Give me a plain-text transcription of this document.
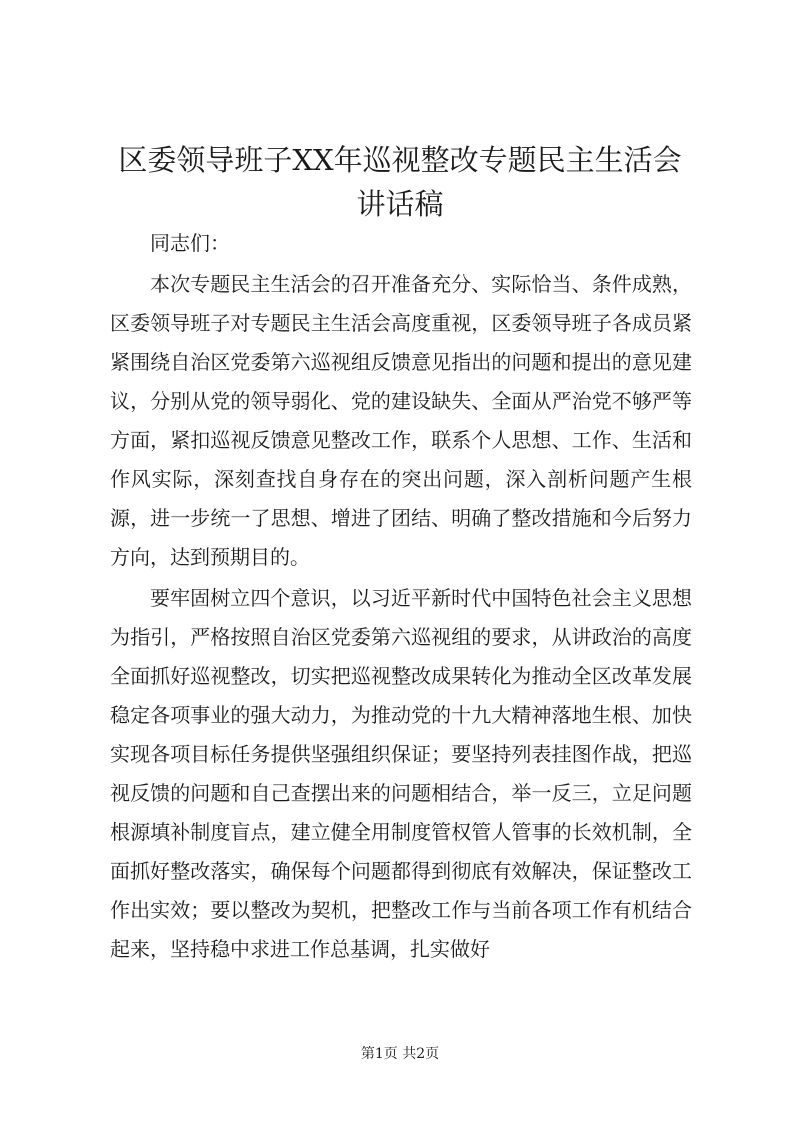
区委领导班子XX年巡视整改专题民主生活会
讲话稿

同志们：

本次专题民主生活会的召开准备充分、实际恰当、条件成熟，区委领导班子对专题民主生活会高度重视，区委领导班子各成员紧紧围绕自治区党委第六巡视组反馈意见指出的问题和提出的意见建议，分别从党的领导弱化、党的建设缺失、全面从严治党不够严等方面，紧扣巡视反馈意见整改工作，联系个人思想、工作、生活和作风实际，深刻查找自身存在的突出问题，深入剖析问题产生根源，进一步统一了思想、增进了团结、明确了整改措施和今后努力方向，达到预期目的。

要牢固树立四个意识，以习近平新时代中国特色社会主义思想为指引，严格按照自治区党委第六巡视组的要求，从讲政治的高度全面抓好巡视整改，切实把巡视整改成果转化为推动全区改革发展稳定各项事业的强大动力，为推动党的十九大精神落地生根、加快实现各项目标任务提供坚强组织保证；要坚持列表挂图作战，把巡视反馈的问题和自己查摆出来的问题相结合，举一反三，立足问题根源填补制度盲点，建立健全用制度管权管人管事的长效机制，全面抓好整改落实，确保每个问题都得到彻底有效解决，保证整改工作出实效；要以整改为契机，把整改工作与当前各项工作有机结合起来，坚持稳中求进工作总基调，扎实做好

第1页 共2页
